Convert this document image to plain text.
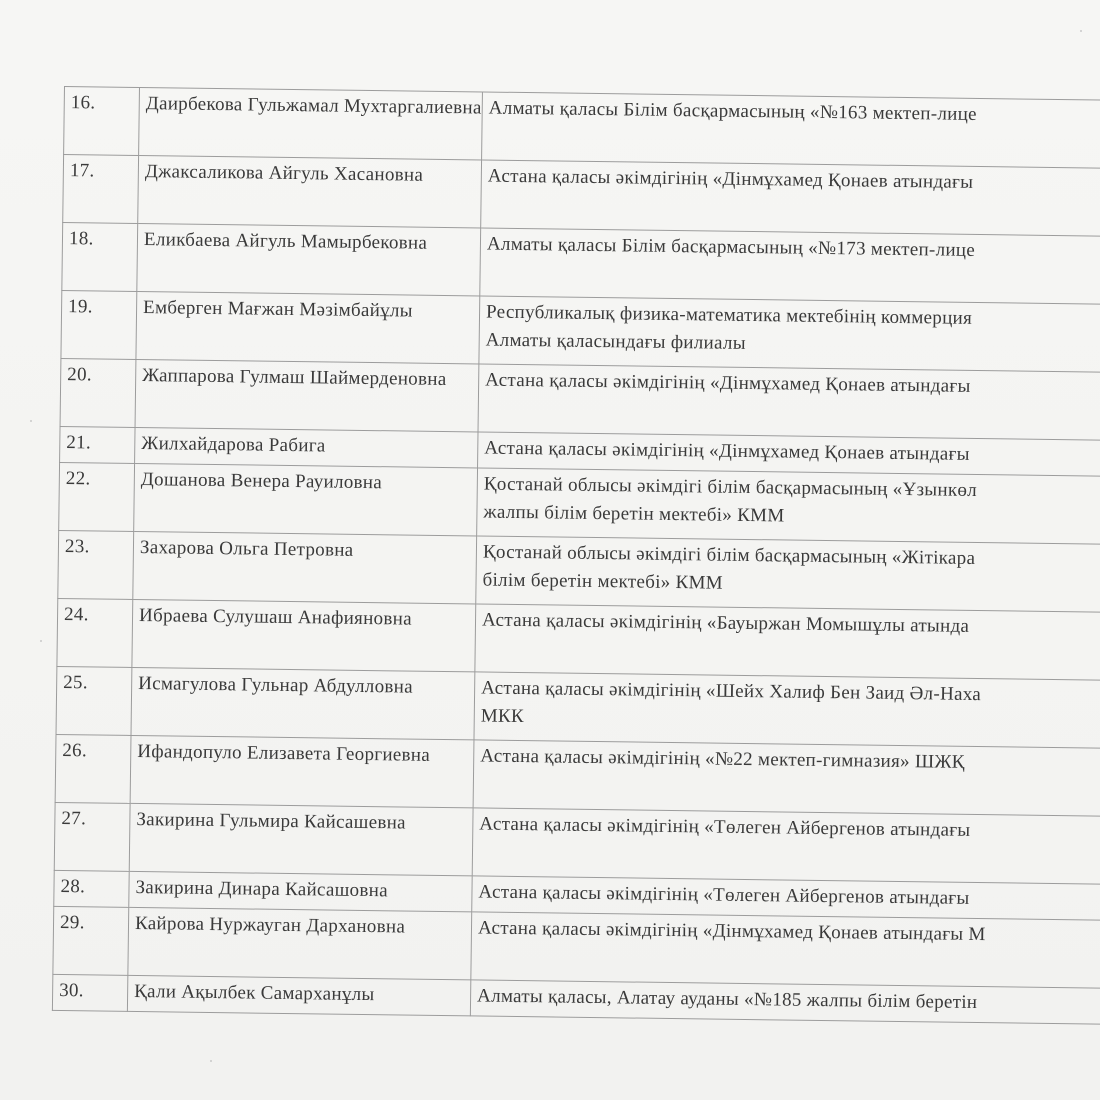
16.	Даирбекова Гульжамал Мухтаргалиевна	Алматы қаласы Білім басқармасының «№163 мектеп-лице

17.	Джаксаликова Айгуль Хасановна	Астана қаласы әкімдігінің «Дінмұхамед Қонаев атындағы

18.	Еликбаева Айгуль Мамырбековна	Алматы қаласы Білім басқармасының «№173 мектеп-лице

19.	Емберген Мағжан Мәзімбайұлы	Республикалық физика-математика мектебінің коммерция
Алматы қаласындағы филиалы

20.	Жаппарова Гулмаш Шаймерденовна	Астана қаласы әкімдігінің «Дінмұхамед Қонаев атындағы

21.	Жилхайдарова Рабига	Астана қаласы әкімдігінің «Дінмұхамед Қонаев атындағы

22.	Дошанова Венера Рауиловна	Қостанай облысы әкімдігі білім басқармасының «Ұзынкөл
жалпы білім беретін мектебі» КММ

23.	Захарова Ольга Петровна	Қостанай облысы әкімдігі білім басқармасының «Жітікара
білім беретін мектебі» КММ

24.	Ибраева Сулушаш Анафияновна	Астана қаласы әкімдігінің «Бауыржан Момышұлы атында

25.	Исмагулова Гульнар Абдулловна	Астана қаласы әкімдігінің «Шейх Халиф Бен Заид Әл-Наха
МКК

26.	Ифандопуло Елизавета Георгиевна	Астана қаласы әкімдігінің «№22 мектеп-гимназия» ШЖҚ

27.	Закирина Гульмира Кайсашевна	Астана қаласы әкімдігінің «Төлеген Айбергенов атындағы

28.	Закирина Динара Кайсашовна	Астана қаласы әкімдігінің «Төлеген Айбергенов атындағы

29.	Кайрова Нуржауган Дархановна	Астана қаласы әкімдігінің «Дінмұхамед Қонаев атындағы М

30.	Қали Ақылбек Самарханұлы	Алматы қаласы, Алатау ауданы «№185 жалпы білім беретін
